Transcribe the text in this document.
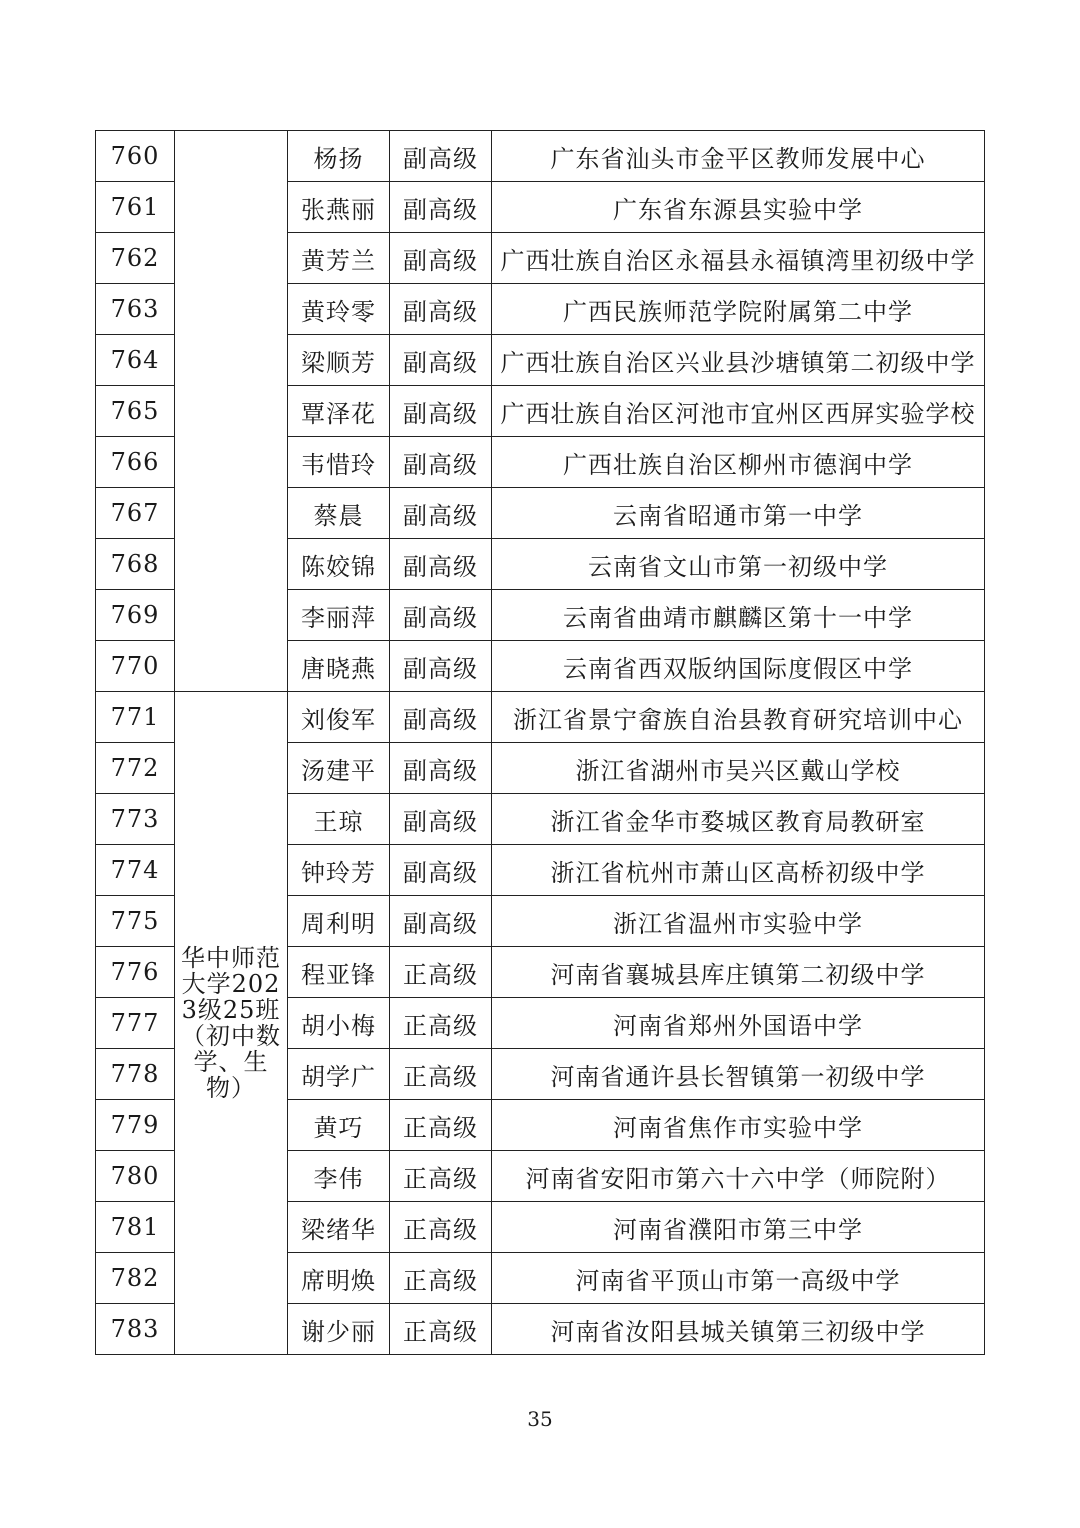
760		杨扬	副高级	广东省汕头市金平区教师发展中心
761		张燕丽	副高级	广东省东源县实验中学
762		黄芳兰	副高级	广西壮族自治区永福县永福镇湾里初级中学
763		黄玲零	副高级	广西民族师范学院附属第二中学
764		梁顺芳	副高级	广西壮族自治区兴业县沙塘镇第二初级中学
765		覃泽花	副高级	广西壮族自治区河池市宜州区西屏实验学校
766		韦惜玲	副高级	广西壮族自治区柳州市德润中学
767		蔡晨	副高级	云南省昭通市第一中学
768		陈姣锦	副高级	云南省文山市第一初级中学
769		李丽萍	副高级	云南省曲靖市麒麟区第十一中学
770		唐晓燕	副高级	云南省西双版纳国际度假区中学
771	华中师范大学2023级25班（初中数学、生物）	刘俊军	副高级	浙江省景宁畲族自治县教育研究培训中心
772		汤建平	副高级	浙江省湖州市吴兴区戴山学校
773		王琼	副高级	浙江省金华市婺城区教育局教研室
774		钟玲芳	副高级	浙江省杭州市萧山区高桥初级中学
775		周利明	副高级	浙江省温州市实验中学
776		程亚锋	正高级	河南省襄城县库庄镇第二初级中学
777		胡小梅	正高级	河南省郑州外国语中学
778		胡学广	正高级	河南省通许县长智镇第一初级中学
779		黄巧	正高级	河南省焦作市实验中学
780		李伟	正高级	河南省安阳市第六十六中学（师院附）
781		梁绪华	正高级	河南省濮阳市第三中学
782		席明焕	正高级	河南省平顶山市第一高级中学
783		谢少丽	正高级	河南省汝阳县城关镇第三初级中学
35
